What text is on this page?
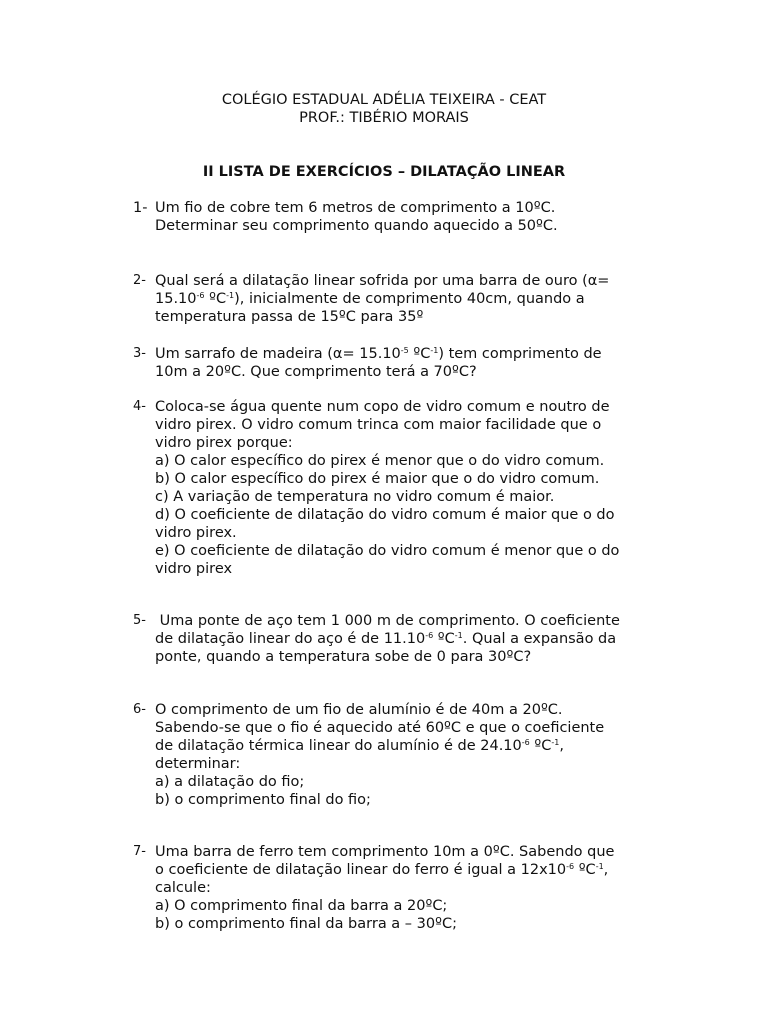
COLÉGIO ESTADUAL ADÉLIA TEIXEIRA - CEAT
PROF.: TIBÉRIO MORAIS
II LISTA DE EXERCÍCIOS – DILATAÇÃO LINEAR
1- Um fio de cobre tem 6 metros de comprimento a 10ºC.
Determinar seu comprimento quando aquecido a 50ºC.
2- Qual será a dilatação linear sofrida por uma barra de ouro (α=
$15.10^{-6}$ ºC$^{-1}$), inicialmente de comprimento 40cm, quando a
temperatura passa de 15ºC para 35º
3- Um sarrafo de madeira ($\alpha= 15.10^{-5}$ ºC$^{-1}$) tem comprimento de
10m a 20ºC. Que comprimento terá a 70ºC?
4- Coloca-se água quente num copo de vidro comum e noutro de
vidro pirex. O vidro comum trinca com maior facilidade que o
vidro pirex porque:
a) O calor específico do pirex é menor que o do vidro comum.
b) O calor específico do pirex é maior que o do vidro comum.
c) A variação de temperatura no vidro comum é maior.
d) O coeficiente de dilatação do vidro comum é maior que o do
vidro pirex.
e) O coeficiente de dilatação do vidro comum é menor que o do
vidro pirex
5- Uma ponte de aço tem 1 000 m de comprimento. O coeficiente
de dilatação linear do aço é de $11.10^{-6}$ ºC$^{-1}$. Qual a expansão da
ponte, quando a temperatura sobe de 0 para 30ºC?
6- O comprimento de um fio de alumínio é de 40m a 20ºC.
Sabendo-se que o fio é aquecido até 60ºC e que o coeficiente
de dilatação térmica linear do alumínio é de $24.10^{-6}$ ºC$^{-1}$,
determinar:
a) a dilatação do fio;
b) o comprimento final do fio;
7- Uma barra de ferro tem comprimento 10m a 0ºC. Sabendo que
o coeficiente de dilatação linear do ferro é igual a $12x10^{-6}$ ºC$^{-1}$,
calcule:
a) O comprimento final da barra a 20ºC;
b) o comprimento final da barra a – 30ºC;
